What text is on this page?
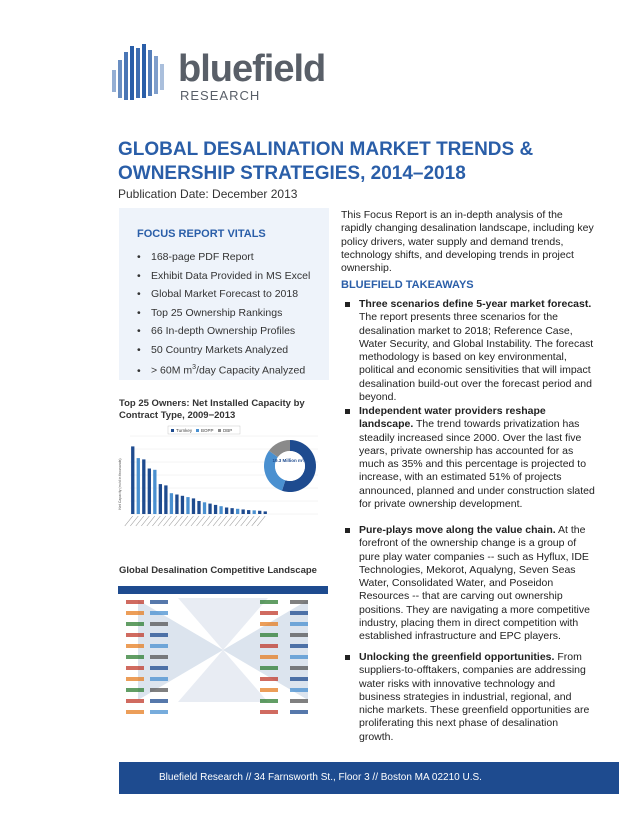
bluefield
RESEARCH
GLOBAL DESALINATION MARKET TRENDS & OWNERSHIP STRATEGIES, 2014–2018
Publication Date: December 2013
FOCUS REPORT VITALS
• 168-page PDF Report
• Exhibit Data Provided in MS Excel
• Global Market Forecast to 2018
• Top 25 Ownership Rankings
• 66 In-depth Ownership Profiles
• 50 Country Markets Analyzed
• > 60M $m^3$/day Capacity Analyzed
This Focus Report is an in-depth analysis of the rapidly changing desalination landscape, including key policy drivers, water supply and demand trends, technology shifts, and developing trends in project ownership.
BLUEFIELD TAKEAWAYS
Three scenarios define 5-year market forecast. The report presents three scenarios for the desalination market to 2018; Reference Case, Water Security, and Global Instability. The forecast methodology is based on key environmental, political and economic sensitivities that will impact desalination build-out over the forecast period and beyond.
Independent water providers reshape landscape. The trend towards privatization has steadily increased since 2000. Over the last five years, private ownership has accounted for as much as 35% and this percentage is projected to increase, with an estimated 51% of projects announced, planned and under construction slated for private ownership development.
Pure-plays move along the value chain. At the forefront of the ownership change is a group of pure play water companies -- such as Hyflux, IDE Technologies, Mekorot, Aqualyng, Seven Seas Water, Consolidated Water, and Poseidon Resources -- that are carving out ownership positions. They are navigating a more competitive industry, placing them in direct competition with established infrastructure and EPC players.
Unlocking the greenfield opportunities. From suppliers-to-offtakers, companies are addressing water risks with innovative technology and business strategies in industrial, regional, and niche markets. These greenfield opportunities are proliferating this next phase of desalination growth.
Top 25 Owners: Net Installed Capacity by Contract Type, 2009−2013
Turnkey BOPP DBP
Net Capacity (m³/d in thousands)	19.3 Million m³/d
Global Desalination Competitive Landscape
Bluefield Research // 34 Farnsworth St., Floor 3 // Boston MA 02210 U.S.
